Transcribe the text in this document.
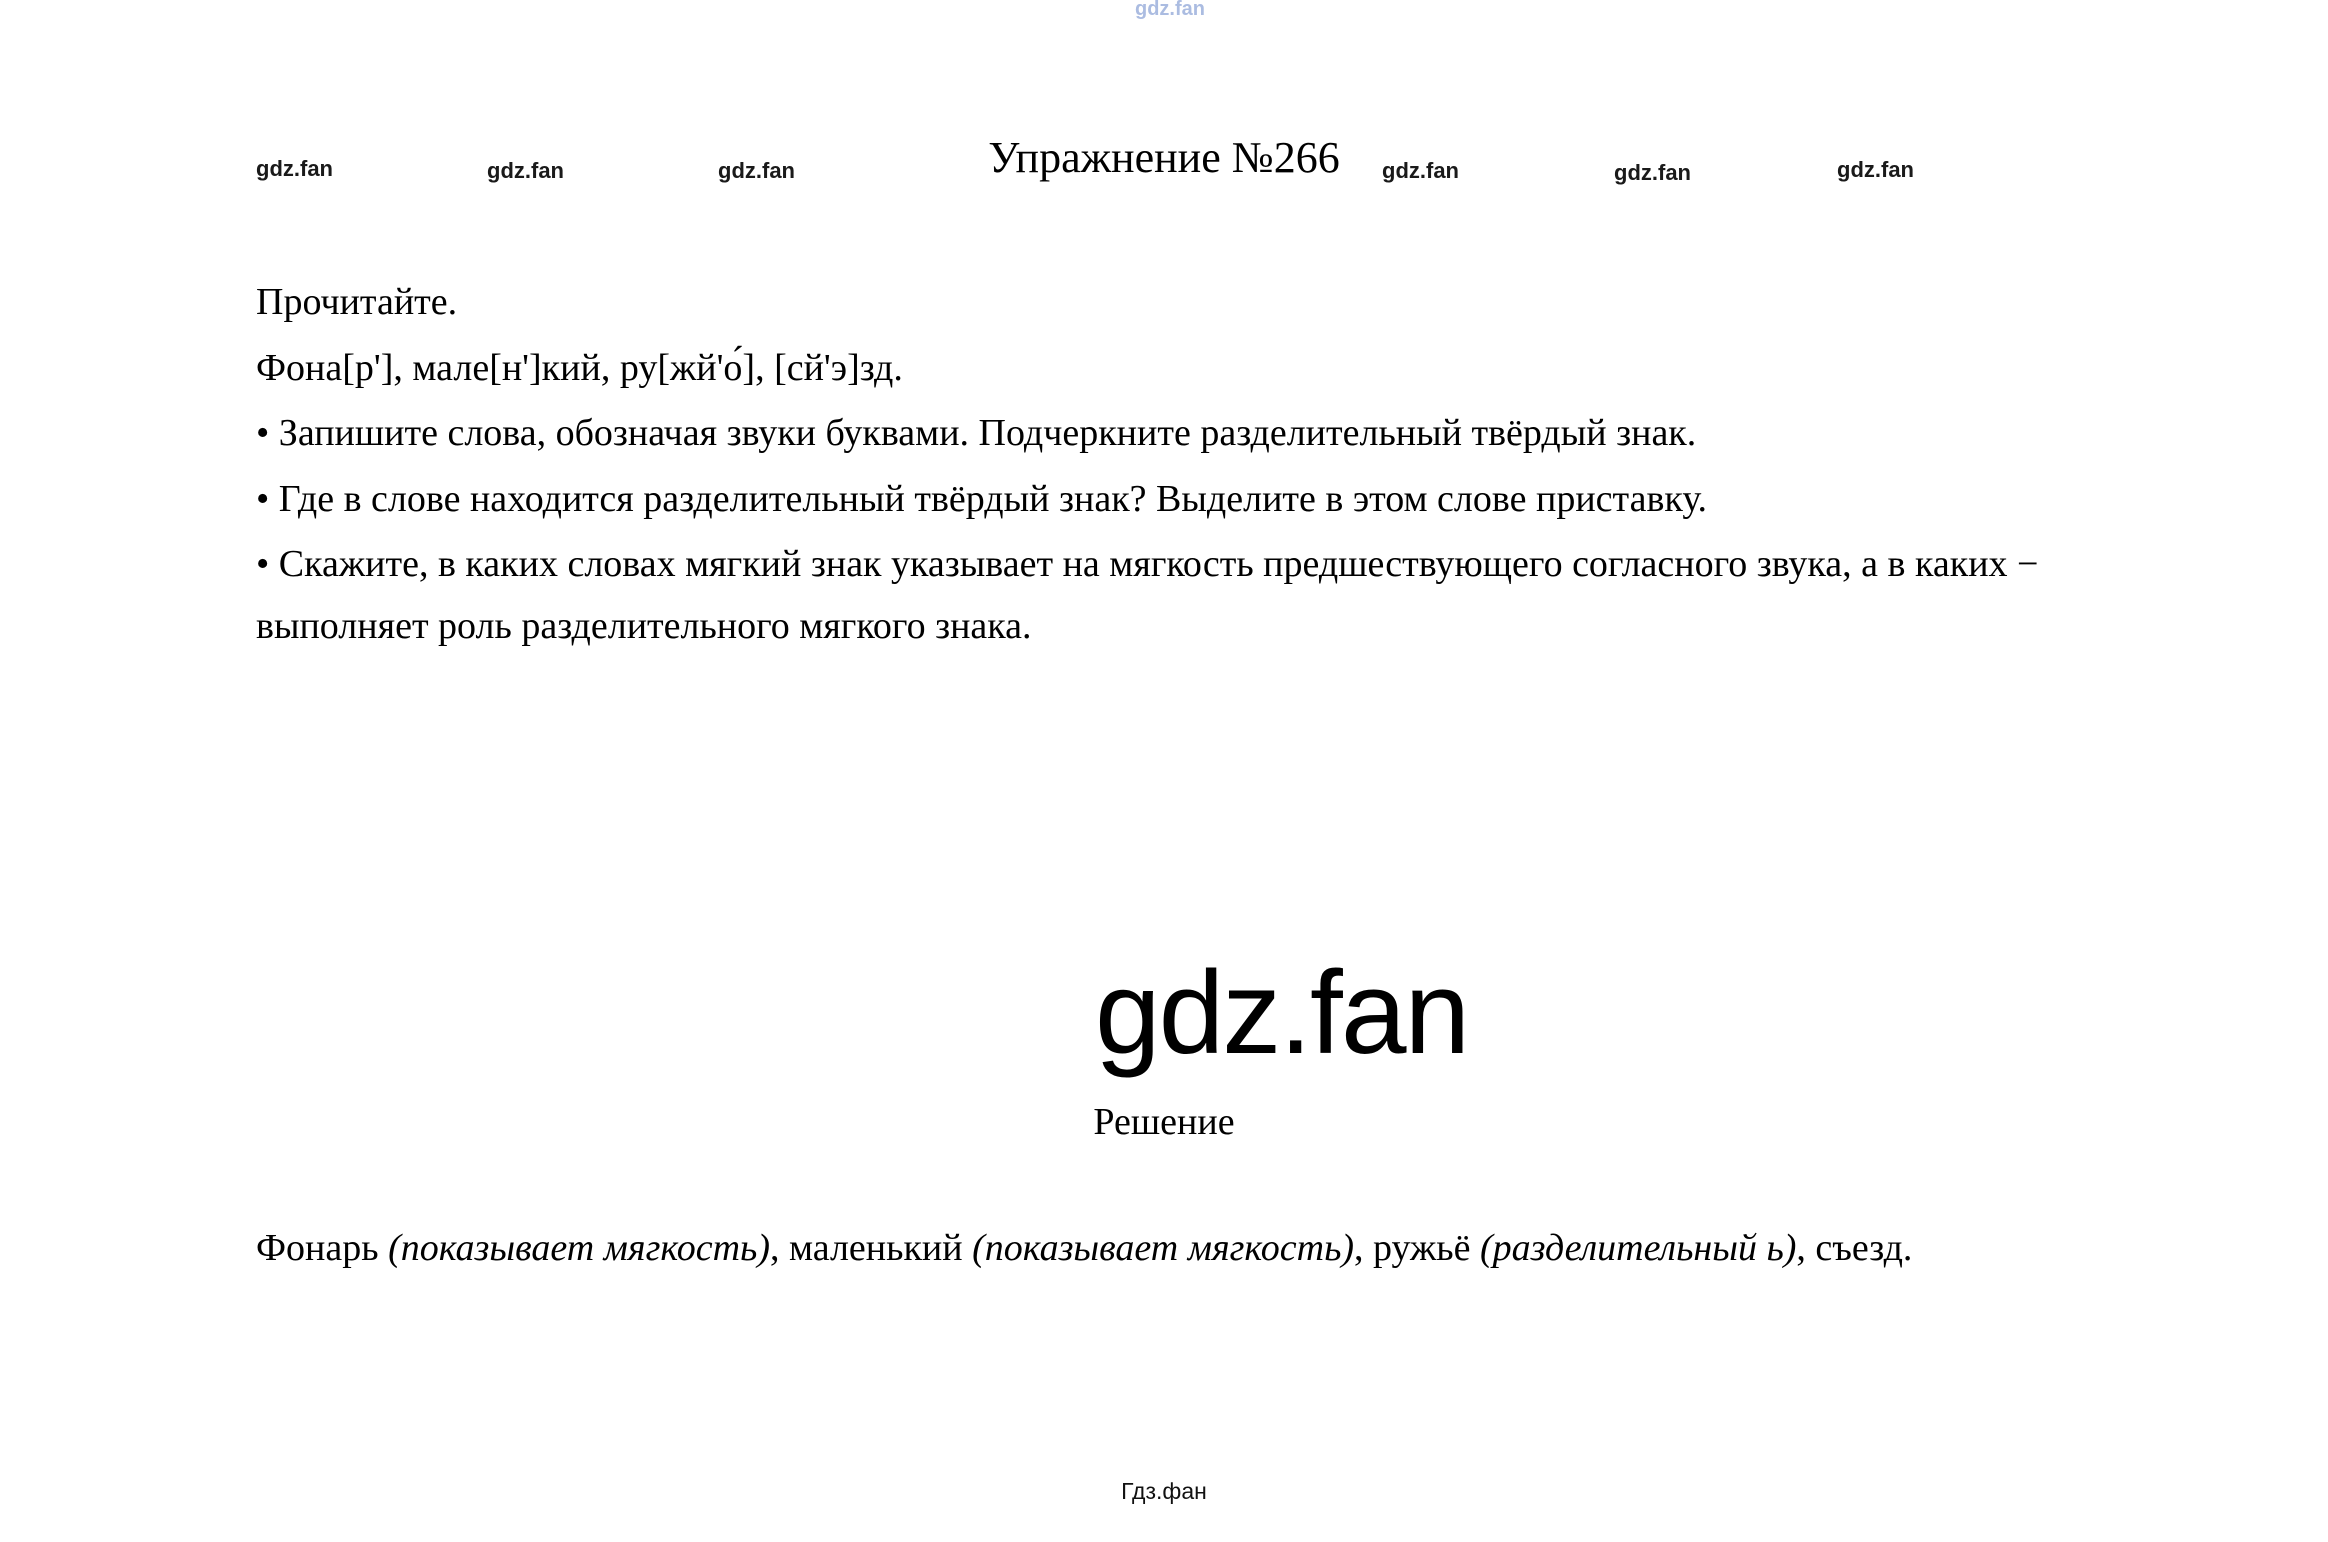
gdz.fan
gdz.fan	gdz.fan	gdz.fan	gdz.fan	gdz.fan	gdz.fan
Упражнение №266

Прочитайте.

Фона[р'], мале[н']кий, ру[жй'о́], [сй'э]зд.

• Запишите слова, обозначая звуки буквами. Подчеркните разделительный твёрдый знак.

• Где в слове находится разделительный твёрдый знак? Выделите в этом слове приставку.

• Скажите, в каких словах мягкий знак указывает на мягкость предшествующего согласного звука, а в каких − выполняет роль разделительного мягкого знака.

gdz.fan
Решение

Фонарь (показывает мягкость), маленький (показывает мягкость), ружьё (разделительный ь), съезд.

Гдз.фан
